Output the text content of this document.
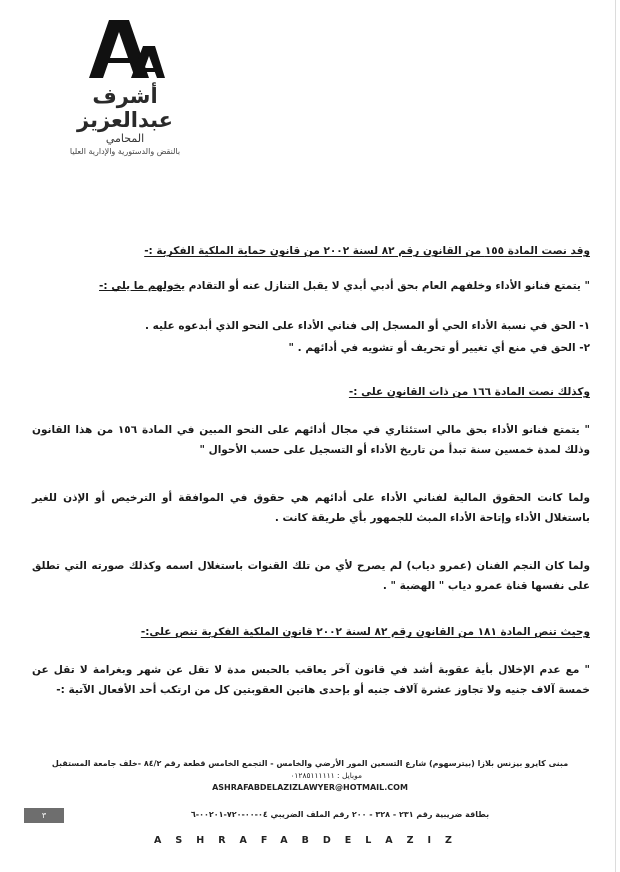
أشرف عبدالعزيز
المحامي
بالنقض والدستورية والإدارية العليا
وقد نصت المادة ١٥٥ من القانون رقم ٨٢ لسنة ٢٠٠٢ من قانون حماية الملكية الفكرية :-
" يتمتع فنانو الأداء وخلفهم العام بحق أدبي أبدي لا يقبل التنازل عنه أو التقادم يخولهم ما يلي :-
١- الحق في نسبة الأداء الحي أو المسجل إلى فناني الأداء على النحو الذي أبدعوه عليه .
٢- الحق في منع أي تغيير أو تحريف أو تشويه في أدائهم . "
وكذلك نصت المادة ١٦٦ من ذات القانون على :-
" يتمتع فنانو الأداء بحق مالي استئثاري في مجال أدائهم على النحو المبين في المادة ١٥٦ من هذا القانون وذلك لمدة خمسين سنة تبدأ من تاريخ الأداء أو التسجيل على حسب الأحوال "
ولما كانت الحقوق المالية لفناني الأداء على أدائهم هي حقوق في الموافقة أو الترخيص أو الإذن للغير باستغلال الأداء وإتاحة الأداء المبث للجمهور بأي طريقة كانت .
ولما كان النجم الفنان (عمرو دياب) لم يصرح لأي من تلك القنوات باستغلال اسمه وكذلك صورته التي تطلق على نفسها قناة عمرو دياب " الهضبة " .
وحيث تنص المادة ١٨١ من القانون رقم ٨٢ لسنة ٢٠٠٢ قانون الملكية الفكرية تنص على:-
" مع عدم الإخلال بأية عقوبة أشد في قانون آخر يعاقب بالحبس مدة لا تقل عن شهر وبغرامة لا تقل عن خمسة آلاف جنيه ولا تجاوز عشرة آلاف جنيه أو بإحدى هاتين العقوبتين كل من ارتكب أحد الأفعال الآتية :-
مبنى كايرو بيزنس بلازا (بيترسهوم) شارع التسعين المور الأرضي والخامس - التجمع الخامس قطعة رقم ٨٤/٢ -خلف جامعة المستقبل
موبايل : ٠١٢٨٥١١١١١١
ASHRAFABDELAZIZLAWYER@HOTMAIL.COM
بطاقة ضريبية رقم ٢٣١ - ٣٢٨ - ٢٠٠ رقم الملف الضريبي ٠٤-٠٠-٧٢٠-٠٠٢٠١-٦
٣
ASHRAFABDELAZIZ
